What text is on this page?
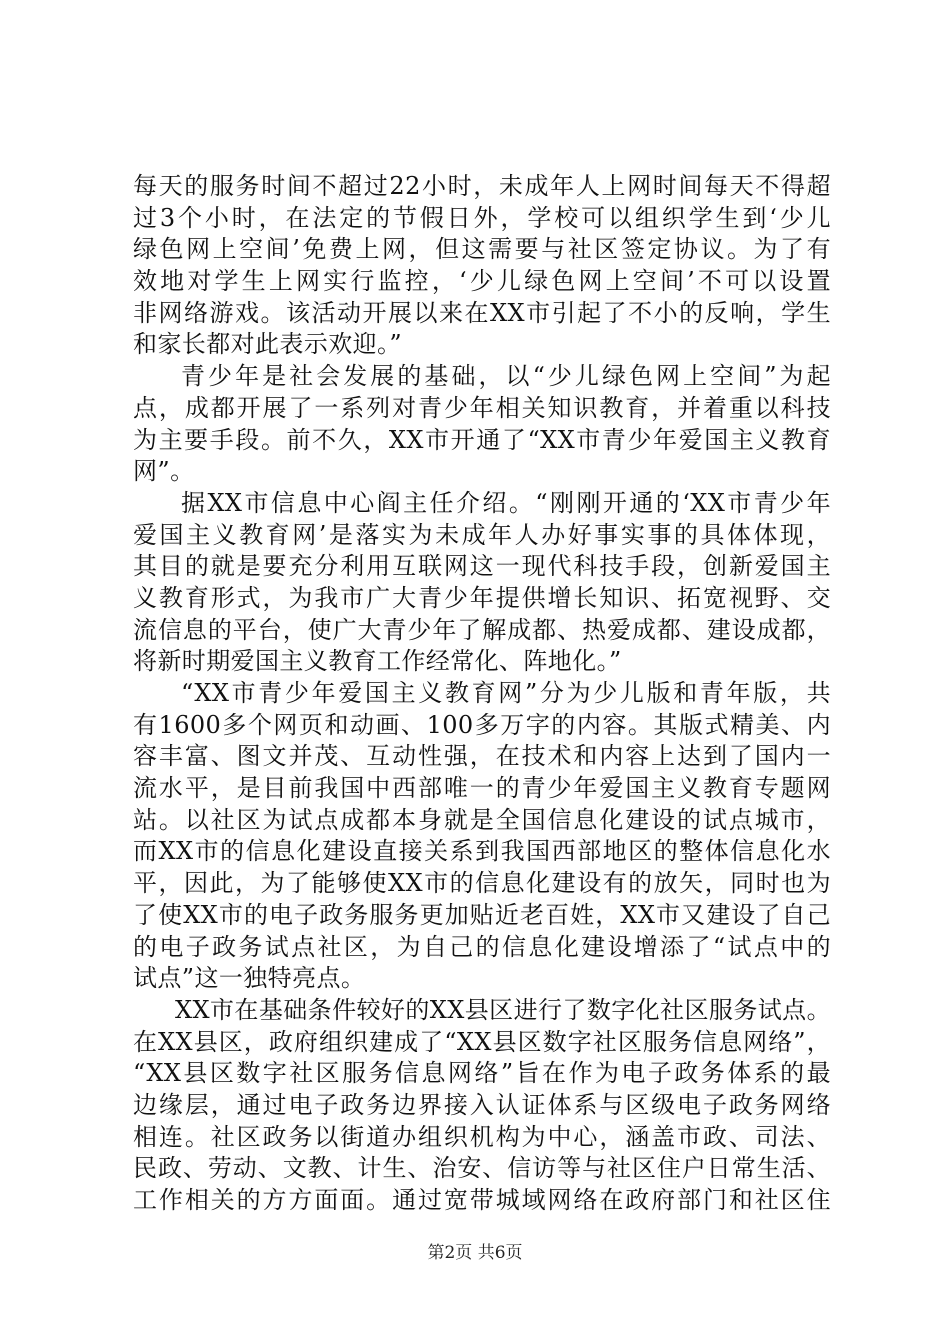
每天的服务时间不超过22小时，未成年人上网时间每天不得超
过3个小时，在法定的节假日外，学校可以组织学生到‘少儿
绿色网上空间’免费上网，但这需要与社区签定协议。为了有
效地对学生上网实行监控，‘少儿绿色网上空间’不可以设置
非网络游戏。该活动开展以来在XX市引起了不小的反响，学生
和家长都对此表示欢迎。”
青少年是社会发展的基础，以“少儿绿色网上空间”为起
点，成都开展了一系列对青少年相关知识教育，并着重以科技
为主要手段。前不久，XX市开通了“XX市青少年爱国主义教育
网”。
据XX市信息中心阎主任介绍。“刚刚开通的‘XX市青少年
爱国主义教育网’是落实为未成年人办好事实事的具体体现，
其目的就是要充分利用互联网这一现代科技手段，创新爱国主
义教育形式，为我市广大青少年提供增长知识、拓宽视野、交
流信息的平台，使广大青少年了解成都、热爱成都、建设成都，
将新时期爱国主义教育工作经常化、阵地化。”
“XX市青少年爱国主义教育网”分为少儿版和青年版，共
有1600多个网页和动画、100多万字的内容。其版式精美、内
容丰富、图文并茂、互动性强，在技术和内容上达到了国内一
流水平，是目前我国中西部唯一的青少年爱国主义教育专题网
站。以社区为试点成都本身就是全国信息化建设的试点城市，
而XX市的信息化建设直接关系到我国西部地区的整体信息化水
平，因此，为了能够使XX市的信息化建设有的放矢，同时也为
了使XX市的电子政务服务更加贴近老百姓，XX市又建设了自己
的电子政务试点社区，为自己的信息化建设增添了“试点中的
试点”这一独特亮点。
XX市在基础条件较好的XX县区进行了数字化社区服务试点。
在XX县区，政府组织建成了“XX县区数字社区服务信息网络”，
“XX县区数字社区服务信息网络”旨在作为电子政务体系的最
边缘层，通过电子政务边界接入认证体系与区级电子政务网络
相连。社区政务以街道办组织机构为中心，涵盖市政、司法、
民政、劳动、文教、计生、治安、信访等与社区住户日常生活、
工作相关的方方面面。通过宽带城域网络在政府部门和社区住
第2页 共6页
